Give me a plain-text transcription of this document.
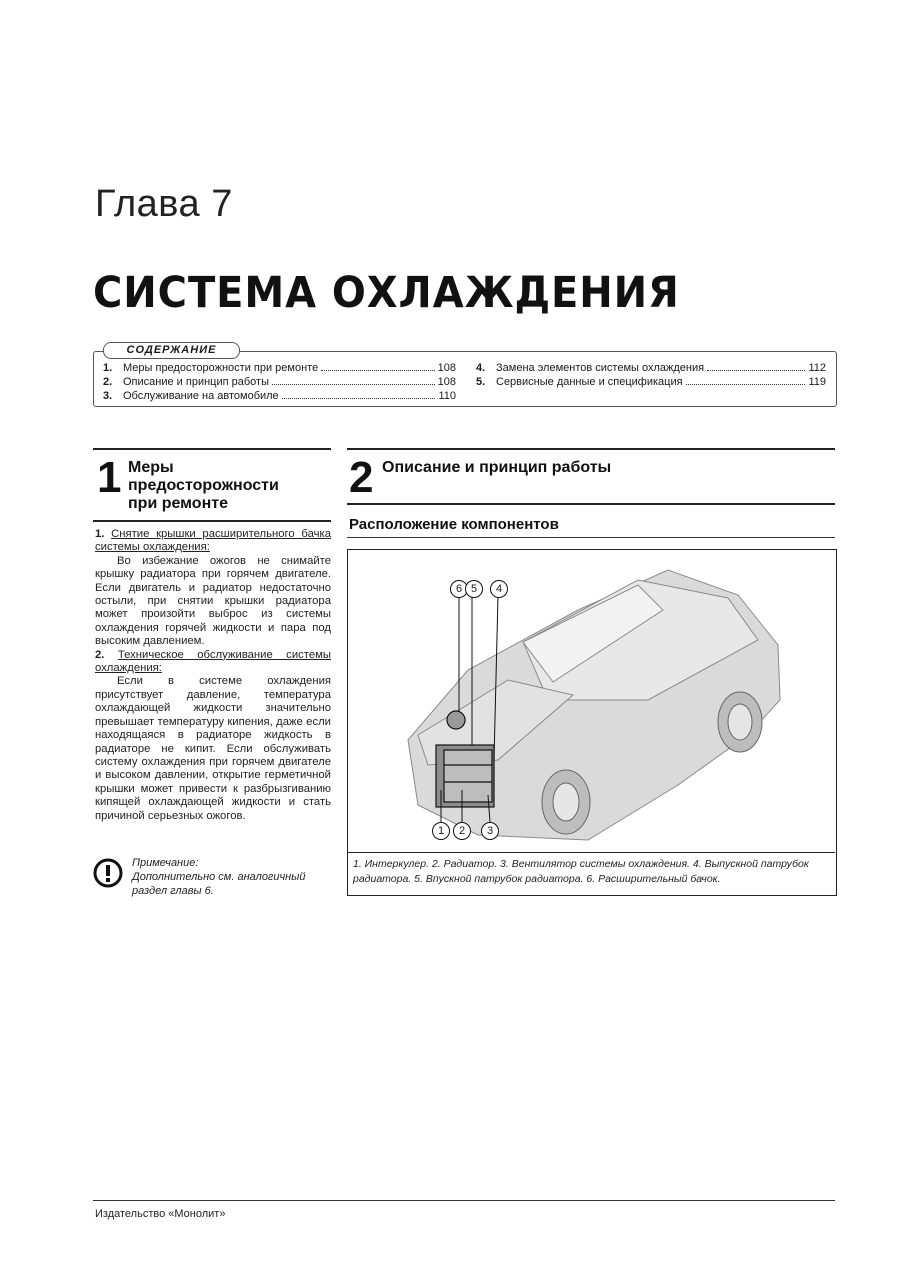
Глава 7
СИСТЕМА ОХЛАЖДЕНИЯ
СОДЕРЖАНИЕ
1. Меры предосторожности при ремонте	108
2. Описание и принцип работы	108
3. Обслуживание на автомобиле	110
4. Замена элементов системы охлаждения	112
5. Сервисные данные и спецификация	119
1 Меры
предосторожности
при ремонте

1. Снятие крышки расширительного бачка системы охлаждения:

Во избежание ожогов не снимайте крышку радиатора при горячем двигателе. Если двигатель и радиатор недостаточно остыли, при снятии крышки радиатора может произойти выброс из системы охлаждения горячей жидкости и пара под высоким давлением.

2. Техническое обслуживание системы охлаждения:

Если в системе охлаждения присутствует давление, температура охлаждающей жидкости значительно превышает температуру кипения, даже если находящаяся в радиаторе жидкость в радиаторе не кипит. Если обслуживать систему охлаждения при горячем двигателе и высоком давлении, открытие герметичной крышки может привести к разбрызгиванию кипящей охлаждающей жидкости и стать причиной серьезных ожогов.

Примечание:
Дополнительно см. аналогичный раздел главы 6.
2 Описание и принцип работы
Расположение компонентов
6 5	4
1	2	3
1. Интеркулер. 2. Радиатор. 3. Вентилятор системы охлаждения. 4. Выпускной патрубок радиатора. 5. Впускной патрубок радиатора. 6. Расширительный бачок.
Издательство «Монолит»
